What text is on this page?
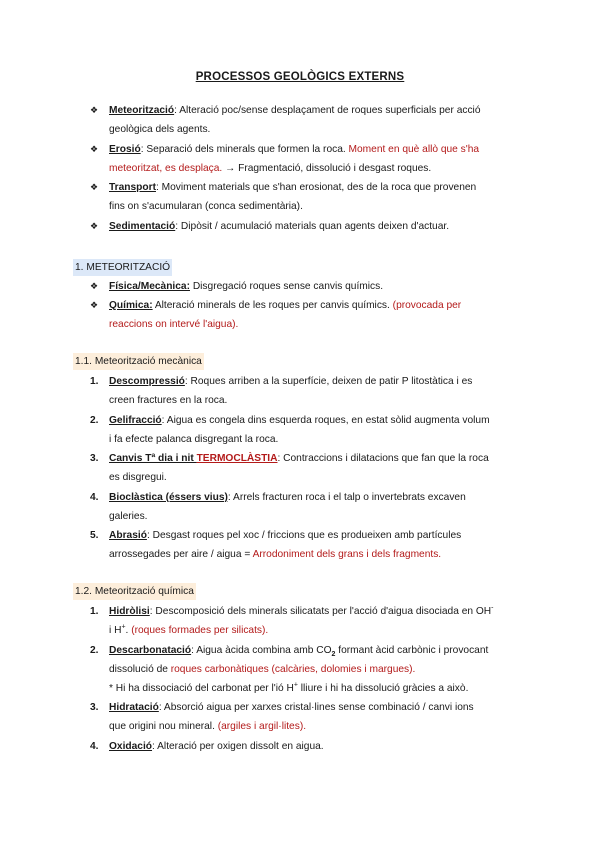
PROCESSOS GEOLÒGICS EXTERNS
❖ Meteorització: Alteració poc/sense desplaçament de roques superficials per acció
geològica dels agents.
❖ Erosió: Separació dels minerals que formen la roca. Moment en què allò que s'ha
meteoritzat, es desplaça. → Fragmentació, dissolució i desgast roques.
❖ Transport: Moviment materials que s'han erosionat, des de la roca que provenen
fins on s'acumularan (conca sedimentària).
❖ Sedimentació: Dipòsit / acumulació materials quan agents deixen d'actuar.
1. METEORITZACIÓ
❖ Física/Mecànica: Disgregació roques sense canvis químics.
❖ Química: Alteració minerals de les roques per canvis químics. (provocada per
reaccions on intervé l'aigua).
1.1. Meteorització mecànica
1. Descompressió: Roques arriben a la superfície, deixen de patir P litostàtica i es
creen fractures en la roca.
2. Gelifracció: Aigua es congela dins esquerda roques, en estat sòlid augmenta volum
i fa efecte palanca disgregant la roca.
3. Canvis Tª dia i nit TERMOCLÀSTIA: Contraccions i dilatacions que fan que la roca
es disgregui.
4. Bioclàstica (éssers vius): Arrels fracturen roca i el talp o invertebrats excaven
galeries.
5. Abrasió: Desgast roques pel xoc / friccions que es produeixen amb partícules
arrossegades per aire / aigua = Arrodoniment dels grans i dels fragments.
1.2. Meteorització química
1. Hidròlisi: Descomposició dels minerals silicatats per l'acció d'aigua disociada en OH-
i H+. (roques formades per silicats).
2. Descarbonatació: Aigua àcida combina amb $CO_2$ formant àcid carbònic i provocant
dissolució de roques carbonàtiques (calcàries, dolomies i margues).
* Hi ha dissociació del carbonat per l'ió H+ lliure i hi ha dissolució gràcies a això.
3. Hidratació: Absorció aigua per xarxes cristal·lines sense combinació / canvi ions
que origini nou mineral. (argiles i argil·lites).
4. Oxidació: Alteració per oxigen dissolt en aigua.
